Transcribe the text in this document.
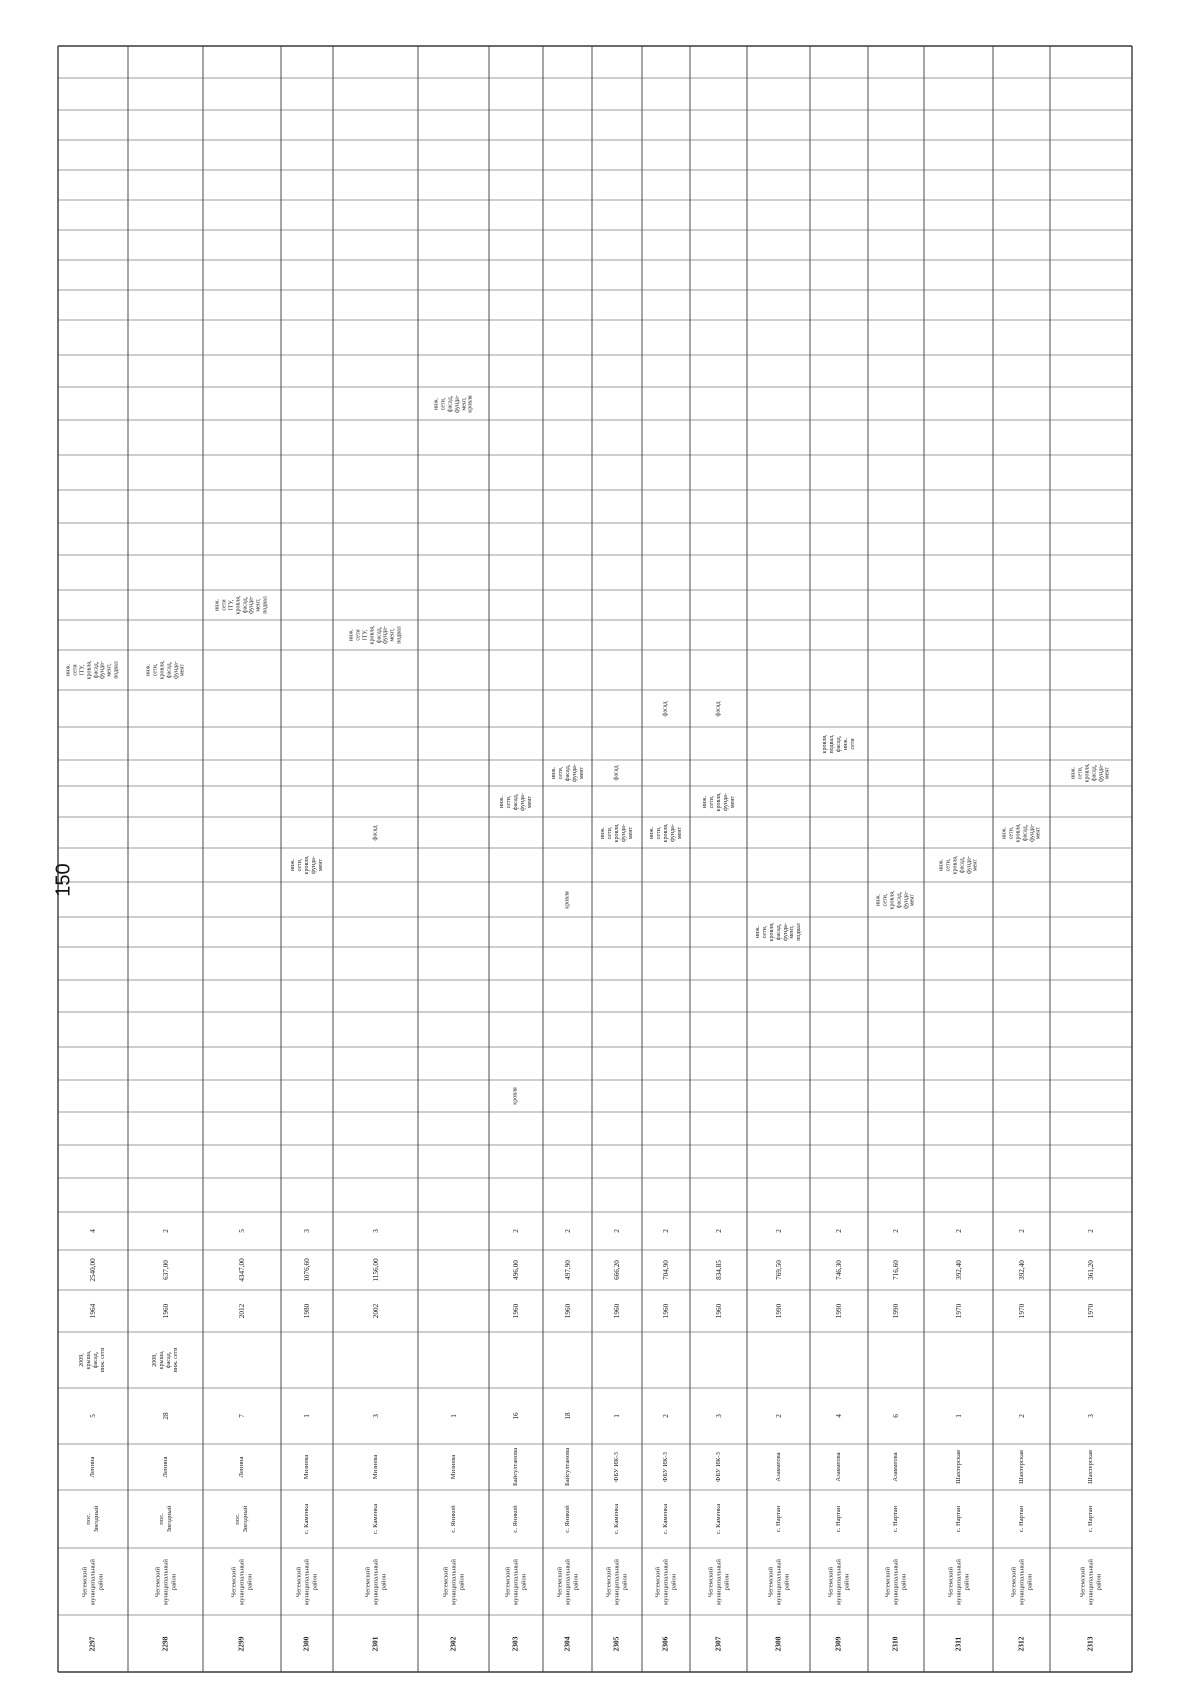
150
2297
Чегемский
муниципальный
район
пос.
Звездный
Ленина
5
2009,
крыша,
фасад,
инж. сети
1964
2540,00
4
инж.
сети
ITУ,
кровля,
фасад,
фунда-
мент,
подвал
2298
Чегемский
муниципальный
район
пос.
Звездный
Ленина
28
2008,
крыша,
фасад,
инж. сети
1960
637,00
2
инж.
сети,
кровля,
фасад,
фунда-
мент
2299
Чегемский
муниципальный
район
пос.
Звездный
Ленина
7
2012
4347,00
5
инж.
сети
ITУ,
кровля,
фасад,
фунда-
мент,
подвал
2300
Чегемский
муниципальный
район
с. Каменка
Мизиева
1
1980
1076,60
3
инж.
сети,
кровля,
фунда-
мент
2301
Чегемский
муниципальный
район
с. Каменка
Мизиева
3
2002
1156,00
3
фасад
инж.
сети
ITУ,
кровля,
фасад,
фунда-
мент,
подвал
2302
Чегемский
муниципальный
район
с. Яникой
Мизиева
1
инж.
сети,
фасад,
фунда-
мент,
кровля
2303
Чегемский
муниципальный
район
с. Яникой
Байсултанова
16
1960
496,00
2
кровля
инж.
сети,
фасад,
фунда-
мент
2304
Чегемский
муниципальный
район
с. Яникой
Байсултанова
18
1960
497,90
2
кровля
инж.
сети,
фасад,
фунда-
мент
2305
Чегемский
муниципальный
район
с. Каменка
ФБУ ИК-3
1
1960
666,20
2
инж.
сети,
кровля,
фунда-
мент
фасад
2306
Чегемский
муниципальный
район
с. Каменка
ФБУ ИК-3
2
1960
704,90
2
инж.
сети,
кровля,
фунда-
мент
фасад
2307
Чегемский
муниципальный
район
с. Каменка
ФБУ ИК-3
3
1960
834,85
2
инж.
сети,
кровля,
фунда-
мент
фасад
2308
Чегемский
муниципальный
район
с. Нартан
Азаматова
2
1990
769,50
2
инж.
сети,
кровля,
фасад,
фунда-
мент,
подвал
2309
Чегемский
муниципальный
район
с. Нартан
Азаматова
4
1990
746,30
2
кровля,
подвал,
фасад,
инж.
сети
2310
Чегемский
муниципальный
район
с. Нартан
Азаматова
6
1990
716,60
2
инж.
сети,
кровля,
фасад,
фунда-
мент
2311
Чегемский
муниципальный
район
с. Нартан
Шахтерская
1
1970
392,40
2
инж.
сети,
кровля,
фасад,
фунда-
мент
2312
Чегемский
муниципальный
район
с. Нартан
Шахтерская
2
1970
392,40
2
инж.
сети,
кровля,
фасад,
фунда-
мент
2313
Чегемский
муниципальный
район
с. Нартан
Шахтерская
3
1970
361,20
2
инж.
сети,
кровля,
фасад,
фунда-
мент
